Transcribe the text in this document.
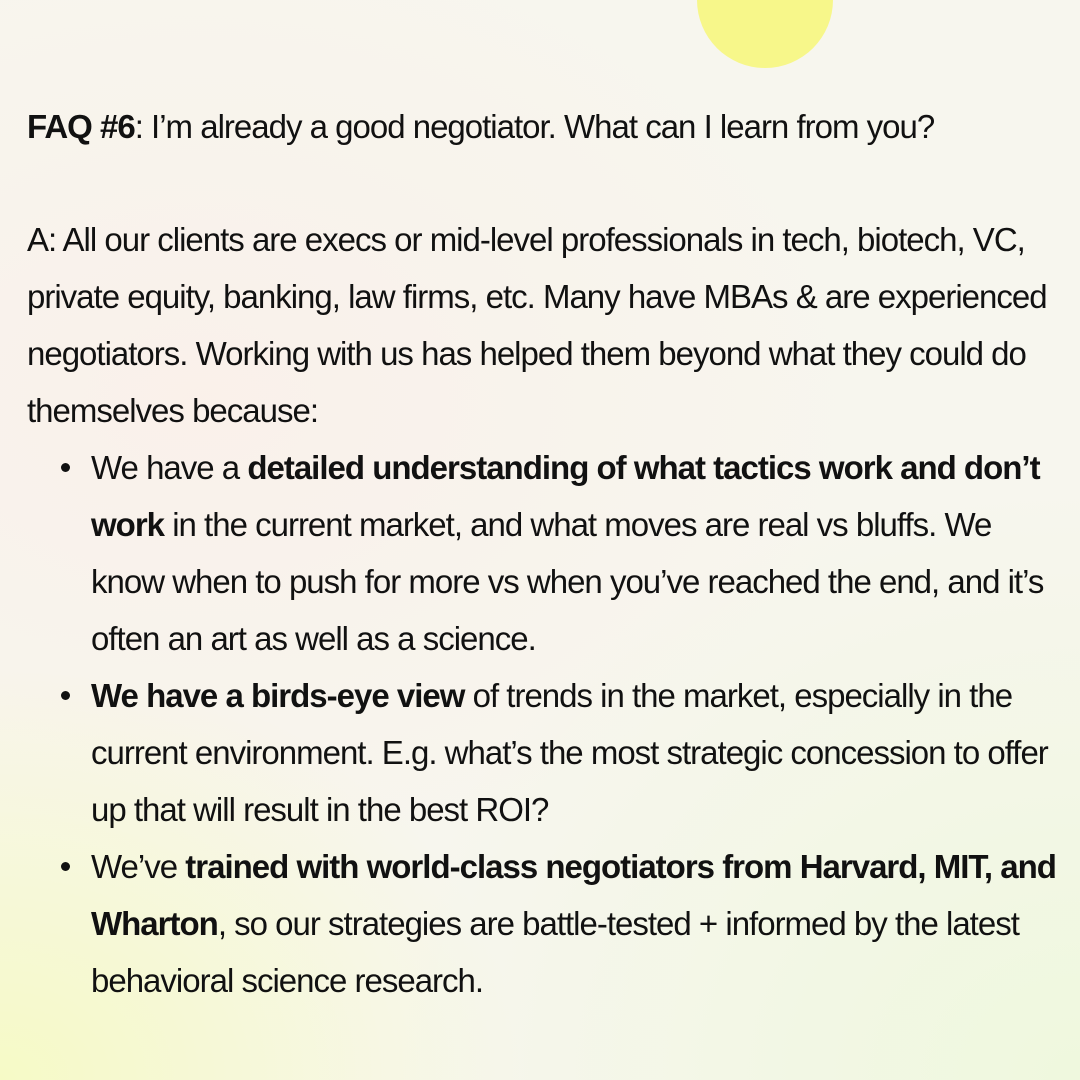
FAQ #6: I’m already a good negotiator. What can I learn from you?

A: All our clients are execs or mid-level professionals in tech, biotech, VC, private equity, banking, law firms, etc. Many have MBAs & are experienced negotiators. Working with us has helped them beyond what they could do themselves because:

We have a detailed understanding of what tactics work and don’t work in the current market, and what moves are real vs bluffs. We know when to push for more vs when you’ve reached the end, and it’s often an art as well as a science.
We have a birds-eye view of trends in the market, especially in the current environment. E.g. what’s the most strategic concession to offer up that will result in the best ROI?
We’ve trained with world-class negotiators from Harvard, MIT, and Wharton, so our strategies are battle-tested + informed by the latest behavioral science research.
